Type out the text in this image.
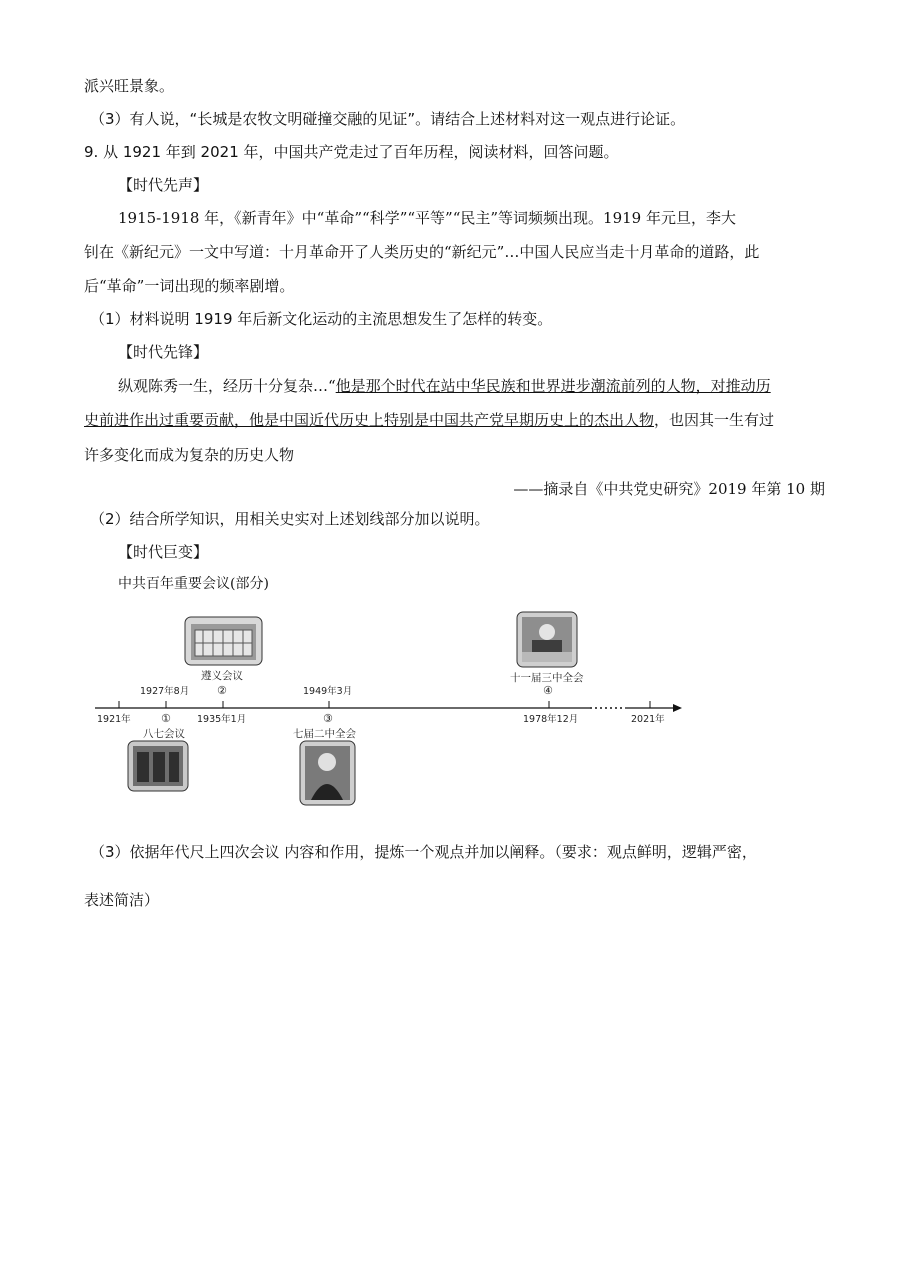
派兴旺景象。
（3）有人说，“长城是农牧文明碰撞交融的见证”。请结合上述材料对这一观点进行论证。
9. 从 1921 年到 2021 年，中国共产党走过了百年历程，阅读材料，回答问题。
【时代先声】
1915-1918 年，《新青年》中“革命”“科学”“平等”“民主”等词频频出现。1919 年元旦，李大
钊在《新纪元》一文中写道：十月革命开了人类历史的“新纪元”…中国人民应当走十月革命的道路，此
后“革命”一词出现的频率剧增。
（1）材料说明 1919 年后新文化运动的主流思想发生了怎样的转变。
【时代先锋】
纵观陈秀一生，经历十分复杂…“他是那个时代在站中华民族和世界进步潮流前列的人物，对推动历
史前进作出过重要贡献，他是中国近代历史上特别是中国共产党早期历史上的杰出人物，也因其一生有过
许多变化而成为复杂的历史人物
——摘录自《中共党史研究》2019 年第 10 期
（2）结合所学知识，用相关史实对上述划线部分加以说明。
【时代巨变】
中共百年重要会议(部分)
1921年	1935年1月	1978年12月	2021年
1927年8月	1949年3月
①
②
③
④
八七会议
遵义会议
七届二中全会
十一届三中全会
（3）依据年代尺上四次会议 内容和作用，提炼一个观点并加以阐释。（要求：观点鲜明，逻辑严密，
表述简洁）
